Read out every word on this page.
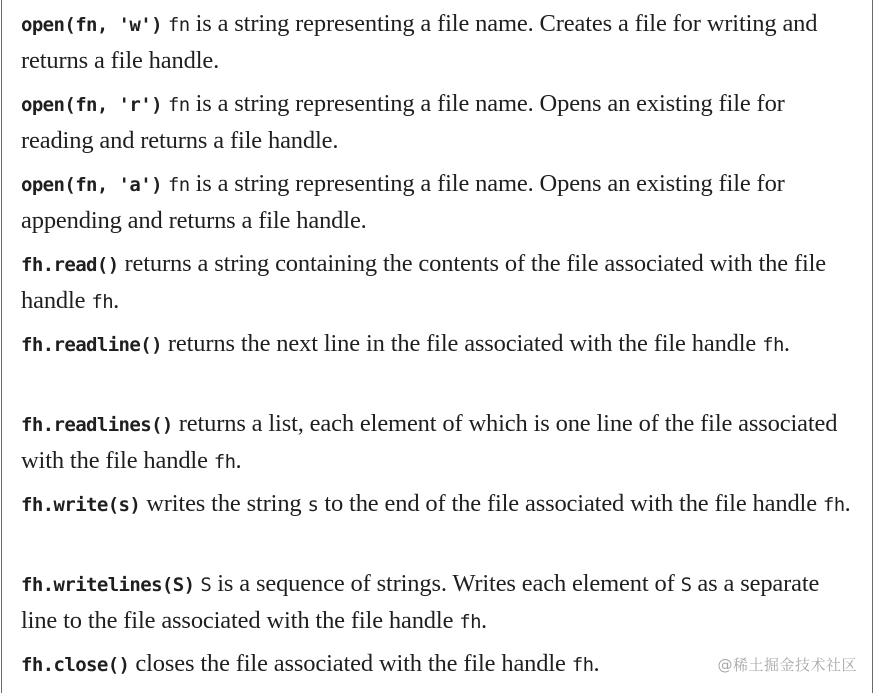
open(fn, 'w') fn is a string representing a file name. Creates a file for writing and returns a file handle.
open(fn, 'r') fn is a string representing a file name. Opens an existing file for reading and returns a file handle.
open(fn, 'a') fn is a string representing a file name. Opens an existing file for appending and returns a file handle.
fh.read() returns a string containing the contents of the file associated with the file handle fh.
fh.readline() returns the next line in the file associated with the file handle fh.
fh.readlines() returns a list, each element of which is one line of the file associated with the file handle fh.
fh.write(s) writes the string s to the end of the file associated with the file handle fh.
fh.writelines(S) S is a sequence of strings. Writes each element of S as a separate line to the file associated with the file handle fh.
fh.close() closes the file associated with the file handle fh.	@稀土掘金技术社区
